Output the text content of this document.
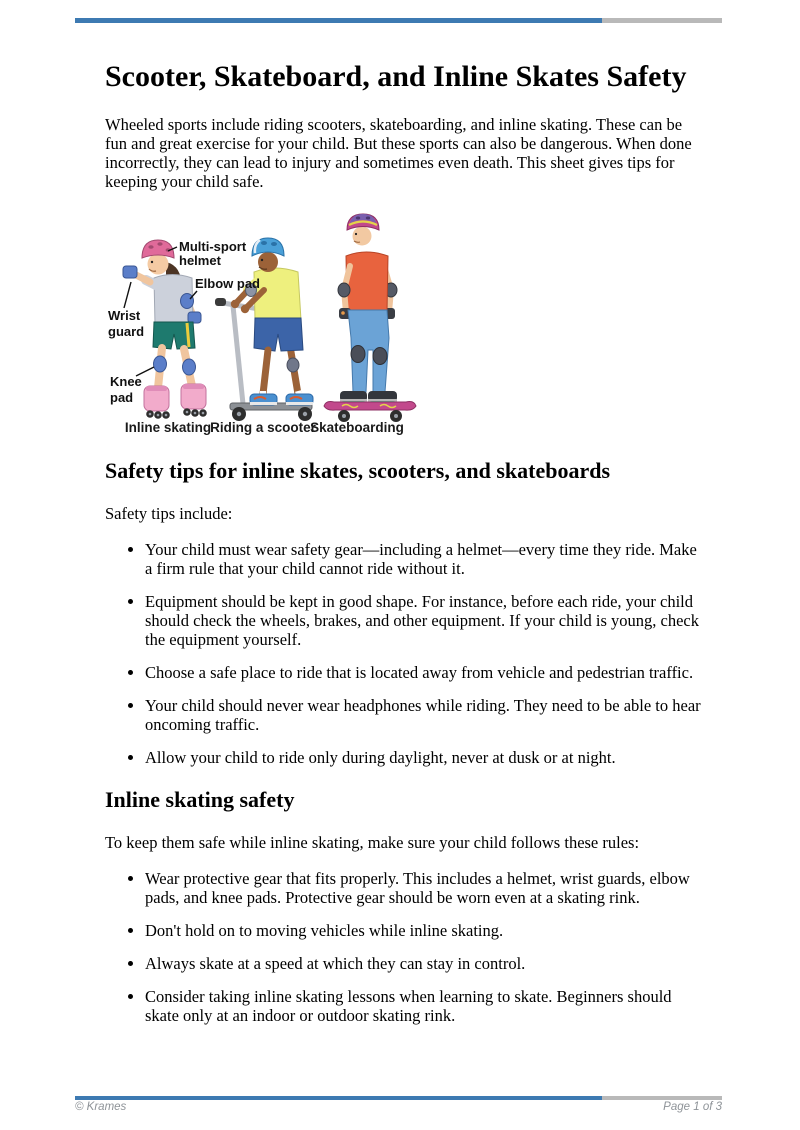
Scooter, Skateboard, and Inline Skates Safety

Wheeled sports include riding scooters, skateboarding, and inline skating. These can be fun and great exercise for your child. But these sports can also be dangerous. When done incorrectly, they can lead to injury and sometimes even death. This sheet gives tips for keeping your child safe.

Multi-sport
helmet
Elbow pad
Wrist
guard
Knee
pad
Inline skating
Riding a scooter
Skateboarding
Safety tips for inline skates, scooters, and skateboards

Safety tips include:

• Your child must wear safety gear—including a helmet—every time they ride. Make a firm rule that your child cannot ride without it.
• Equipment should be kept in good shape. For instance, before each ride, your child should check the wheels, brakes, and other equipment. If your child is young, check the equipment yourself.
• Choose a safe place to ride that is located away from vehicle and pedestrian traffic.
• Your child should never wear headphones while riding. They need to be able to hear oncoming traffic.
• Allow your child to ride only during daylight, never at dusk or at night.
Inline skating safety

To keep them safe while inline skating, make sure your child follows these rules:

• Wear protective gear that fits properly. This includes a helmet, wrist guards, elbow pads, and knee pads. Protective gear should be worn even at a skating rink.
• Don't hold on to moving vehicles while inline skating.
• Always skate at a speed at which they can stay in control.
• Consider taking inline skating lessons when learning to skate. Beginners should skate only at an indoor or outdoor skating rink.
© Krames	Page 1 of 3
